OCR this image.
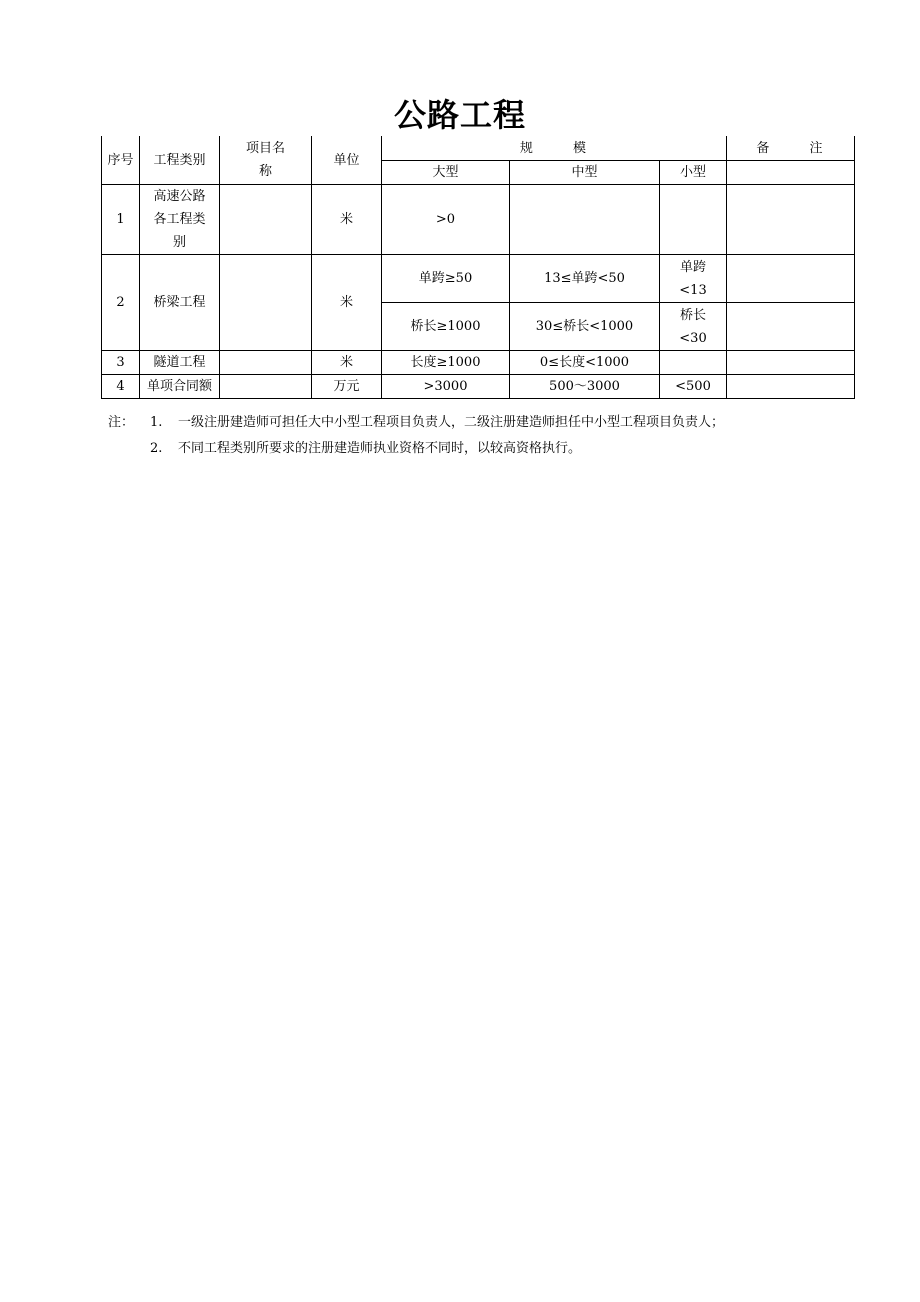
公路工程
序号	工程类别	项目名称	单位	规 模			备 注
				大型	中型	小型	
1	高速公路各工程类别		米	>0			
2	桥梁工程		米	单跨≥50	13≤单跨<50	单跨<13	
				桥长≥1000	30≤桥长<1000	桥长<30	
3	隧道工程		米	长度≥1000	0≤长度<1000		
4	单项合同额		万元	>3000	500～3000	<500	
注：	1.	一级注册建造师可担任大中小型工程项目负责人，二级注册建造师担任中小型工程项目负责人；
2.	不同工程类别所要求的注册建造师执业资格不同时，以较高资格执行。
